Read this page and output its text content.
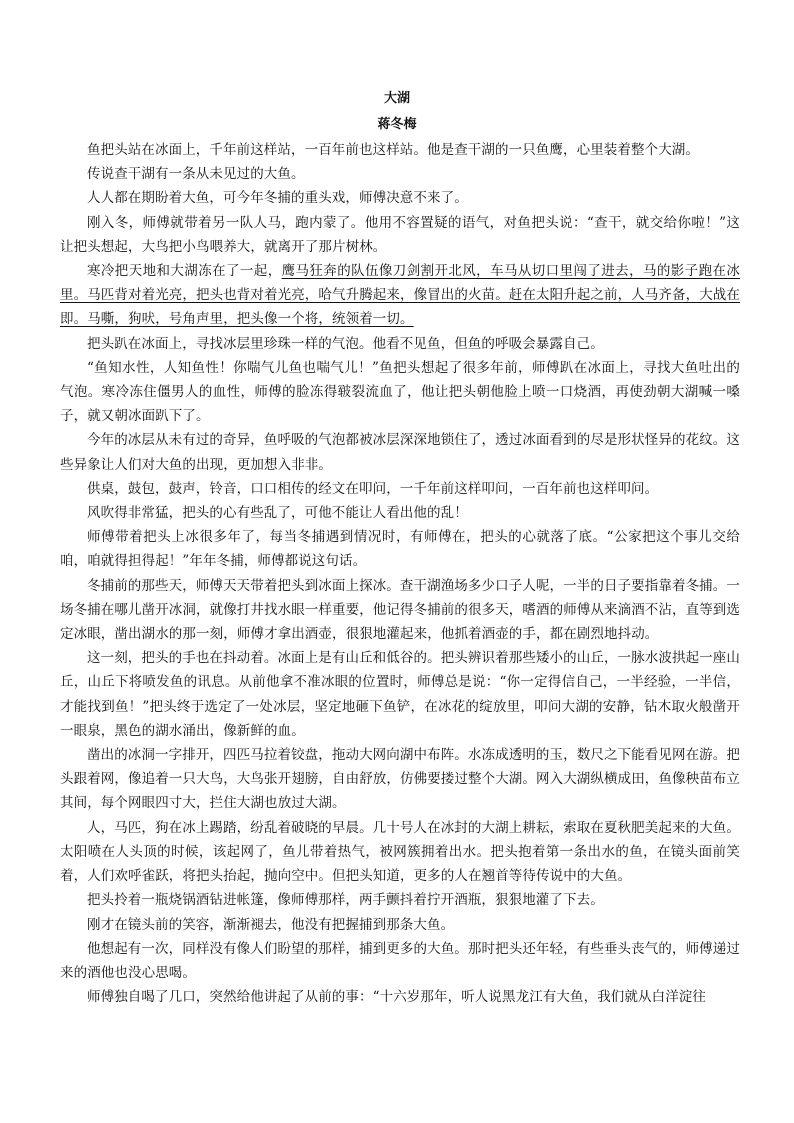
大湖
蒋冬梅

鱼把头站在冰面上，千年前这样站，一百年前也这样站。他是查干湖的一只鱼鹰，心里装着整个大湖。

传说查干湖有一条从未见过的大鱼。

人人都在期盼着大鱼，可今年冬捕的重头戏，师傅决意不来了。

刚入冬，师傅就带着另一队人马，跑内蒙了。他用不容置疑的语气，对鱼把头说：“查干，就交给你啦！”这让把头想起，大鸟把小鸟喂养大，就离开了那片树林。

寒冷把天地和大湖冻在了一起，鹰马狂奔的队伍像刀剑割开北风，车马从切口里闯了进去，马的影子跑在冰里。马匹背对着光亮，把头也背对着光亮，哈气升腾起来，像冒出的火苗。赶在太阳升起之前，人马齐备，大战在即。马嘶，狗吠，号角声里，把头像一个将，统领着一切。

把头趴在冰面上，寻找冰层里珍珠一样的气泡。他看不见鱼，但鱼的呼吸会暴露自己。

“鱼知水性，人知鱼性！你喘气儿鱼也喘气儿！”鱼把头想起了很多年前，师傅趴在冰面上，寻找大鱼吐出的气泡。寒冷冻住僵男人的血性，师傅的脸冻得皲裂流血了，他让把头朝他脸上喷一口烧酒，再使劲朝大湖喊一嗓子，就又朝冰面趴下了。

今年的冰层从未有过的奇异，鱼呼吸的气泡都被冰层深深地锁住了，透过冰面看到的尽是形状怪异的花纹。这些异象让人们对大鱼的出现，更加想入非非。

供桌，鼓包，鼓声，铃音，口口相传的经文在叩问，一千年前这样叩问，一百年前也这样叩问。

风吹得非常猛，把头的心有些乱了，可他不能让人看出他的乱！

师傅带着把头上冰很多年了，每当冬捕遇到情况时，有师傅在，把头的心就落了底。“公家把这个事儿交给咱，咱就得担得起！”年年冬捕，师傅都说这句话。

冬捕前的那些天，师傅天天带着把头到冰面上探冰。查干湖渔场多少口子人呢，一半的日子要指靠着冬捕。一场冬捕在哪儿凿开冰洞，就像打井找水眼一样重要，他记得冬捕前的很多天，嗜酒的师傅从来滴酒不沾，直等到选定冰眼，凿出湖水的那一刻，师傅才拿出酒壶，很狠地灌起来，他抓着酒壶的手，都在剧烈地抖动。

这一刻，把头的手也在抖动着。冰面上是有山丘和低谷的。把头辨识着那些矮小的山丘，一脉水波拱起一座山丘，山丘下将喷发鱼的讯息。从前他拿不准冰眼的位置时，师傅总是说：“你一定得信自己，一半经验，一半信，才能找到鱼！”把头终于选定了一处冰层，坚定地砸下鱼铲，在冰花的绽放里，叩问大湖的安静，钻木取火般凿开一眼泉，黑色的湖水涌出，像新鲜的血。

凿出的冰洞一字排开，四匹马拉着铰盘，拖动大网向湖中布阵。水冻成透明的玉，数尺之下能看见网在游。把头跟着网，像追着一只大鸟，大鸟张开翅膀，自由舒放，仿佛要搂过整个大湖。网入大湖纵横成田，鱼像秧苗布立其间，每个网眼四寸大，拦住大湖也放过大湖。

人，马匹，狗在冰上踢踏，纷乱着破晓的早晨。几十号人在冰封的大湖上耕耘，索取在夏秋肥美起来的大鱼。太阳喷在人头顶的时候，该起网了，鱼儿带着热气，被网簇拥着出水。把头抱着第一条出水的鱼，在镜头面前笑着，人们欢呼雀跃，将把头抬起，抛向空中。但把头知道，更多的人在翘首等待传说中的大鱼。

把头拎着一瓶烧锅酒钻进帐篷，像师傅那样，两手颤抖着拧开酒瓶，狠狠地灌了下去。

刚才在镜头前的笑容，渐渐褪去，他没有把握捕到那条大鱼。

他想起有一次，同样没有像人们盼望的那样，捕到更多的大鱼。那时把头还年轻，有些垂头丧气的，师傅递过来的酒他也没心思喝。

师傅独自喝了几口，突然给他讲起了从前的事：“十六岁那年，听人说黑龙江有大鱼，我们就从白洋淀往
